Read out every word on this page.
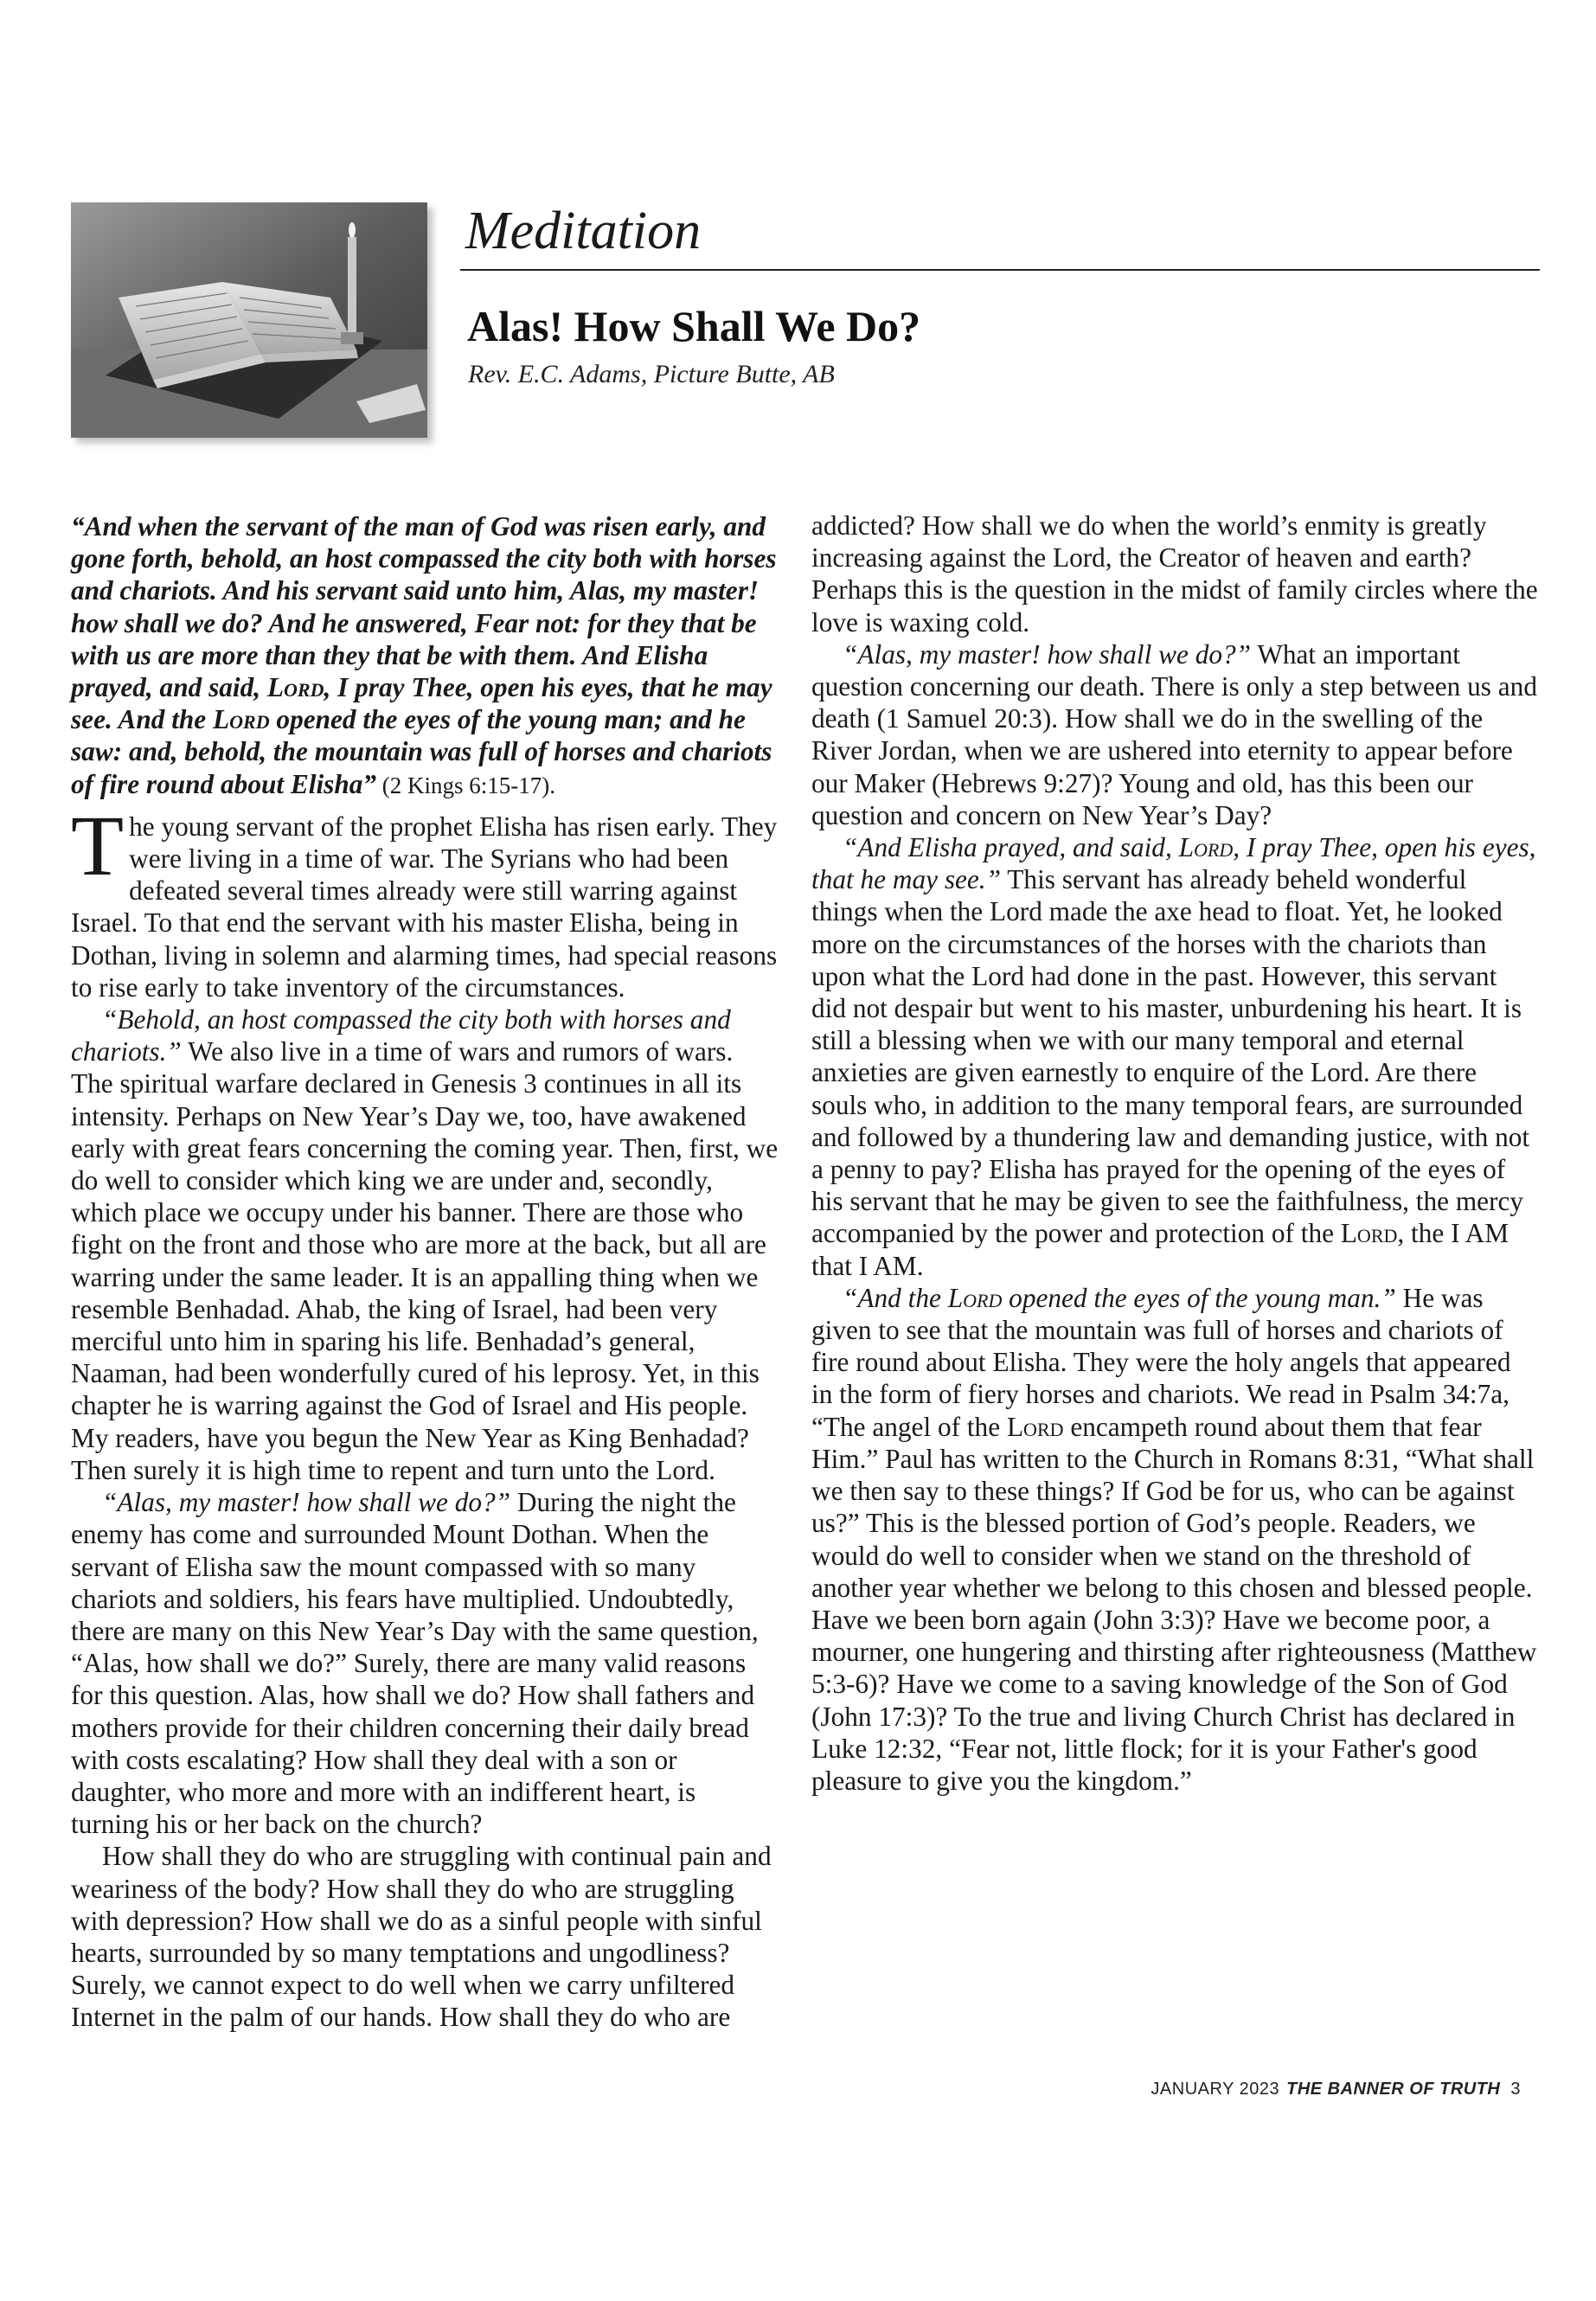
Meditation
Alas! How Shall We Do?
Rev. E.C. Adams, Picture Butte, AB

“And when the servant of the man of God was risen early, and gone forth, behold, an host compassed the city both with horses and chariots. And his servant said unto him, Alas, my master! how shall we do? And he answered, Fear not: for they that be with us are more than they that be with them. And Elisha prayed, and said, Lord, I pray Thee, open his eyes, that he may see. And the Lord opened the eyes of the young man; and he saw: and, behold, the mountain was full of horses and chariots of fire round about Elisha” (2 Kings 6:15-17).

The young servant of the prophet Elisha has risen early. They were living in a time of war. The Syrians who had been defeated several times already were still warring against Israel. To that end the servant with his master Elisha, being in Dothan, living in solemn and alarming times, had special reasons to rise early to take inventory of the circumstances.

“Behold, an host compassed the city both with horses and chariots.” We also live in a time of wars and rumors of wars. The spiritual warfare declared in Genesis 3 continues in all its intensity. Perhaps on New Year’s Day we, too, have awakened early with great fears concerning the coming year. Then, first, we do well to consider which king we are under and, secondly, which place we occupy under his banner. There are those who fight on the front and those who are more at the back, but all are warring under the same leader. It is an appalling thing when we resemble Benhadad. Ahab, the king of Israel, had been very merciful unto him in sparing his life. Benhadad’s general, Naaman, had been wonderfully cured of his leprosy. Yet, in this chapter he is warring against the God of Israel and His people. My readers, have you begun the New Year as King Benhadad? Then surely it is high time to repent and turn unto the Lord.

“Alas, my master! how shall we do?” During the night the enemy has come and surrounded Mount Dothan. When the servant of Elisha saw the mount compassed with so many chariots and soldiers, his fears have multiplied. Undoubtedly, there are many on this New Year’s Day with the same question, “Alas, how shall we do?” Surely, there are many valid reasons for this question. Alas, how shall we do? How shall fathers and mothers provide for their children concerning their daily bread with costs escalating? How shall they deal with a son or daughter, who more and more with an indifferent heart, is turning his or her back on the church?

How shall they do who are struggling with continual pain and weariness of the body? How shall they do who are struggling with depression? How shall we do as a sinful people with sinful hearts, surrounded by so many temptations and ungodliness? Surely, we cannot expect to do well when we carry unfiltered Internet in the palm of our hands. How shall they do who are

addicted? How shall we do when the world’s enmity is greatly increasing against the Lord, the Creator of heaven and earth? Perhaps this is the question in the midst of family circles where the love is waxing cold.

“Alas, my master! how shall we do?” What an important question concerning our death. There is only a step between us and death (1 Samuel 20:3). How shall we do in the swelling of the River Jordan, when we are ushered into eternity to appear before our Maker (Hebrews 9:27)? Young and old, has this been our question and concern on New Year’s Day?

“And Elisha prayed, and said, Lord, I pray Thee, open his eyes, that he may see.” This servant has already beheld wonderful things when the Lord made the axe head to float. Yet, he looked more on the circumstances of the horses with the chariots than upon what the Lord had done in the past. However, this servant did not despair but went to his master, unburdening his heart. It is still a blessing when we with our many temporal and eternal anxieties are given earnestly to enquire of the Lord. Are there souls who, in addition to the many temporal fears, are surrounded and followed by a thundering law and demanding justice, with not a penny to pay? Elisha has prayed for the opening of the eyes of his servant that he may be given to see the faithfulness, the mercy accompanied by the power and protection of the Lord, the I AM that I AM.

“And the Lord opened the eyes of the young man.” He was given to see that the mountain was full of horses and chariots of fire round about Elisha. They were the holy angels that appeared in the form of fiery horses and chariots. We read in Psalm 34:7a, “The angel of the Lord encampeth round about them that fear Him.” Paul has written to the Church in Romans 8:31, “What shall we then say to these things? If God be for us, who can be against us?” This is the blessed portion of God’s people. Readers, we would do well to consider when we stand on the threshold of another year whether we belong to this chosen and blessed people. Have we been born again (John 3:3)? Have we become poor, a mourner, one hungering and thirsting after righteousness (Matthew 5:3-6)? Have we come to a saving knowledge of the Son of God (John 17:3)? To the true and living Church Christ has declared in Luke 12:32, “Fear not, little flock; for it is your Father's good pleasure to give you the kingdom.”

JANUARY 2023 THE BANNER OF TRUTH 3
